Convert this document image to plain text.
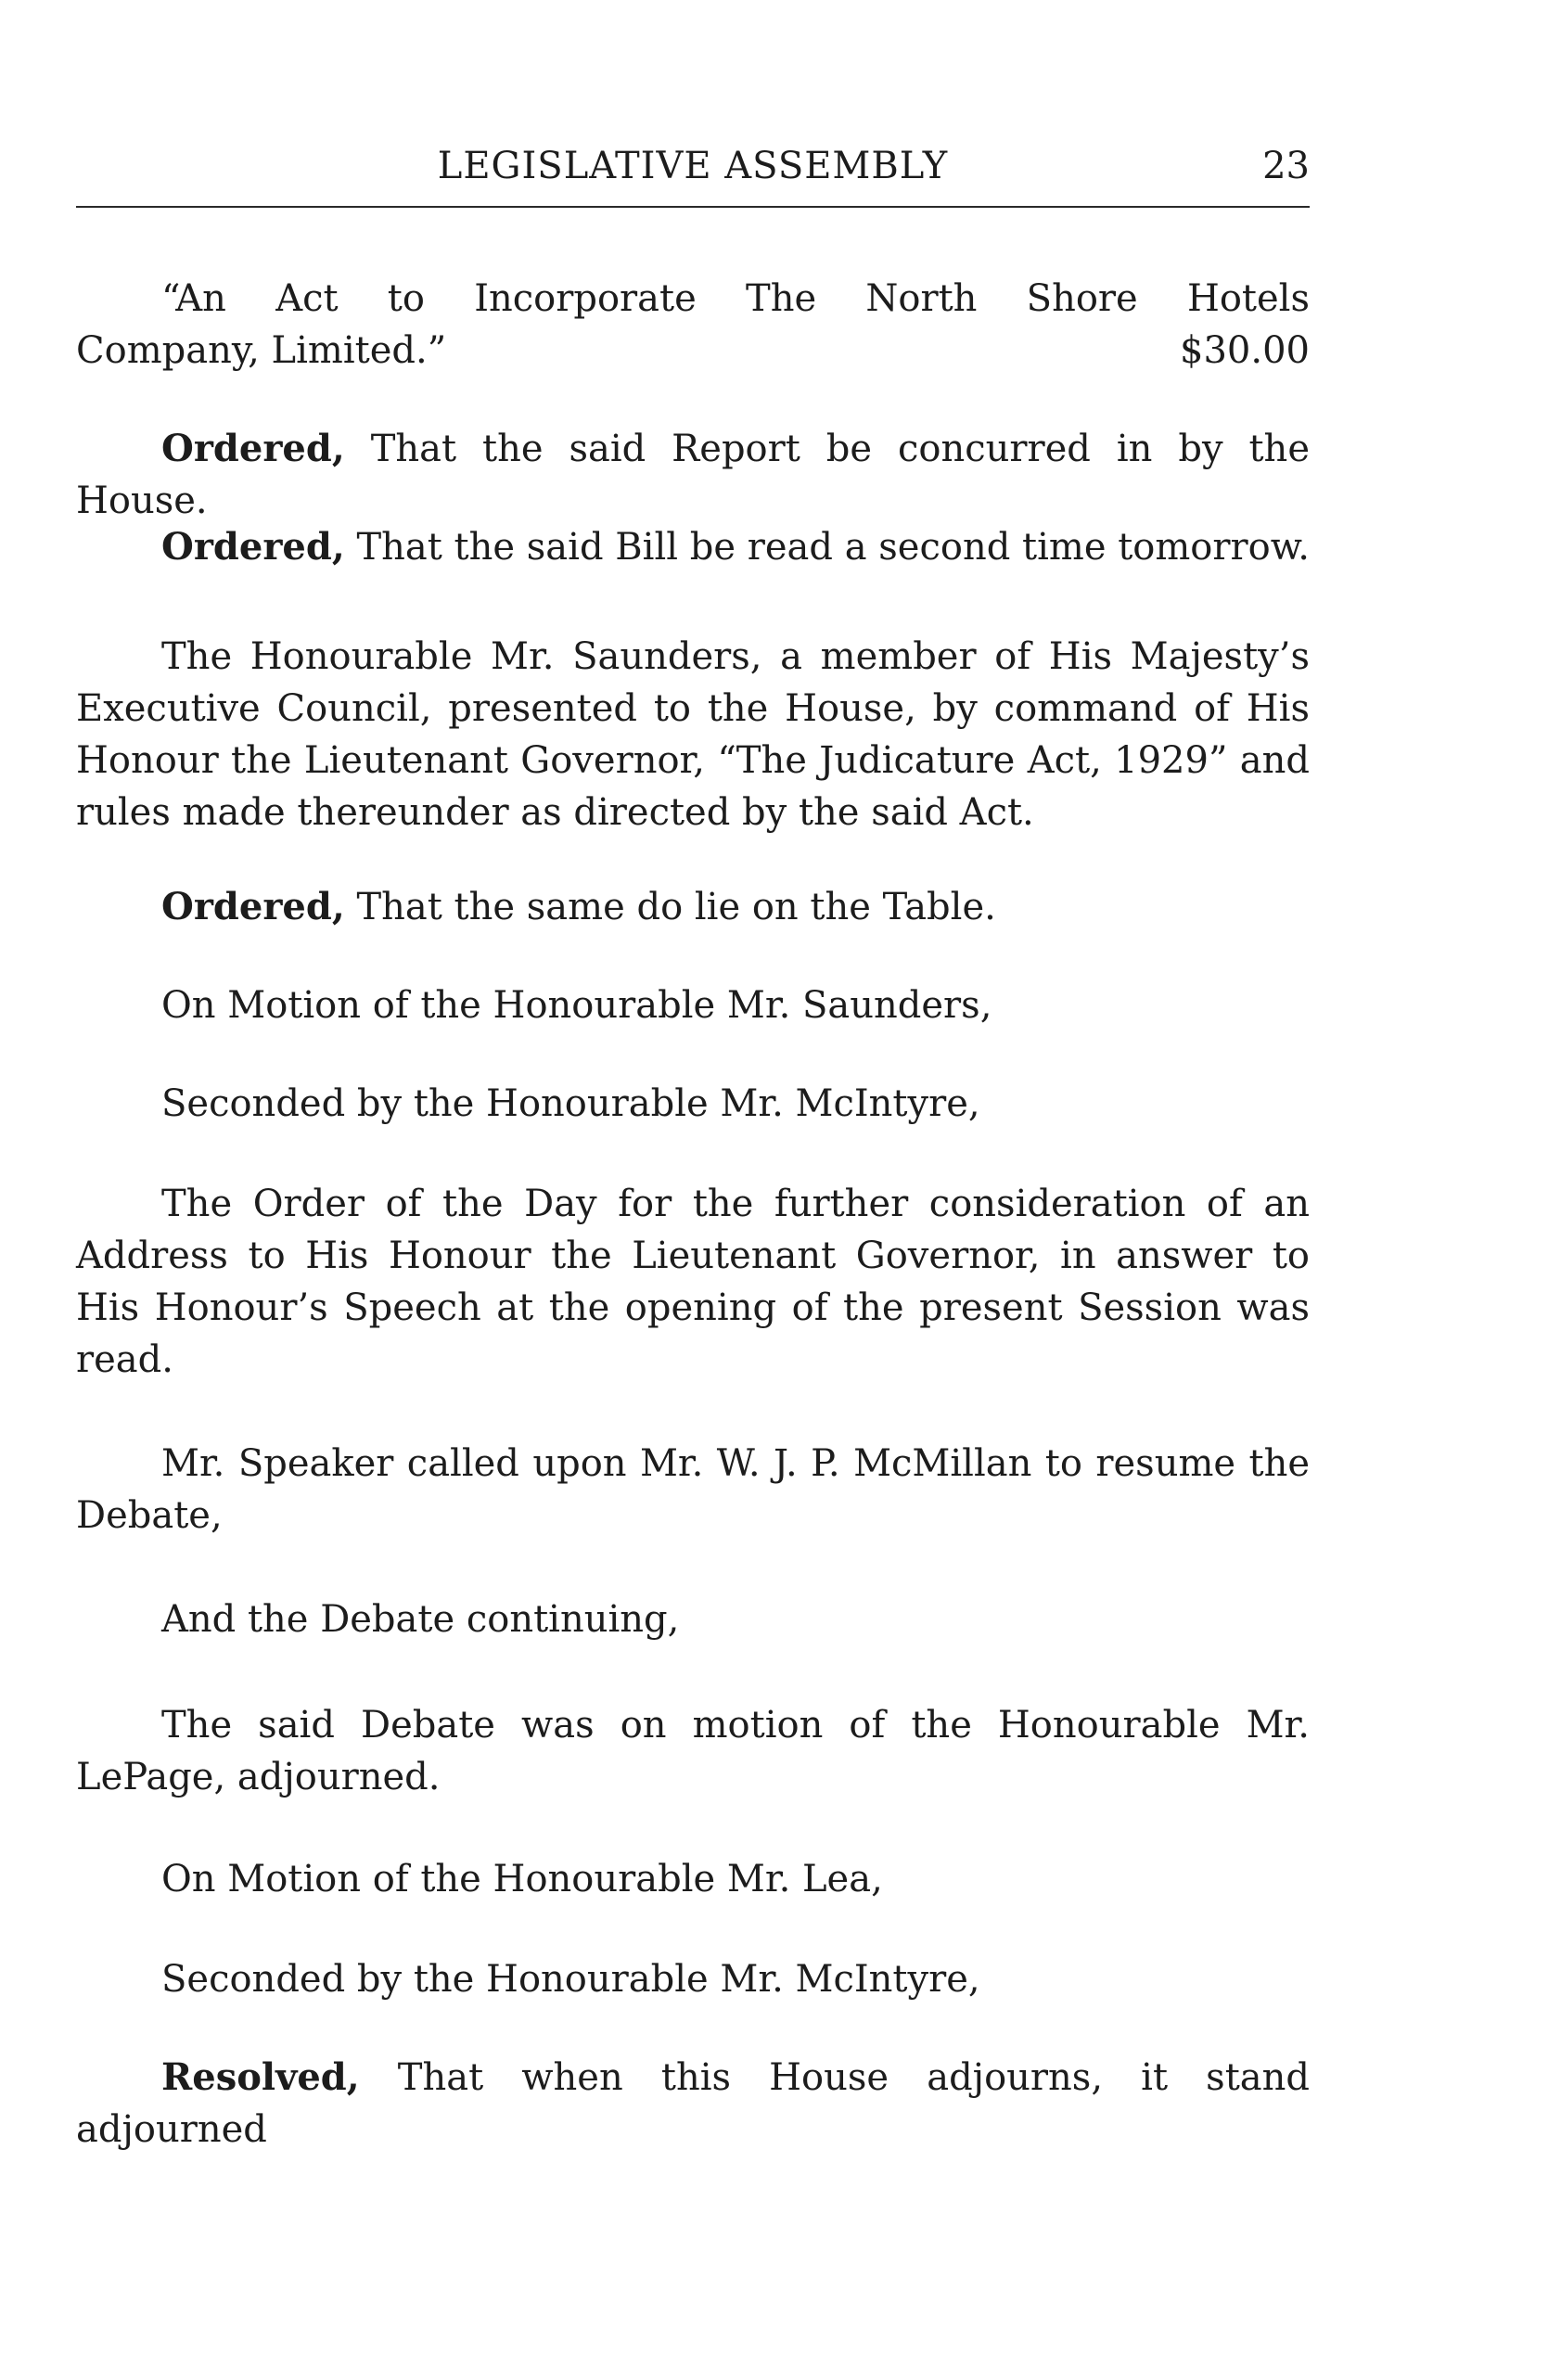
LEGISLATIVE ASSEMBLY	23

“An Act to Incorporate The North Shore Hotels

Company, Limited.”	$30.00

Ordered, That the said Report be concurred in by the House.

Ordered, That the said Bill be read a second time tomorrow.

The Honourable Mr. Saunders, a member of His Majesty’s Executive Council, presented to the House, by command of His Honour the Lieutenant Governor, “The Judicature Act, 1929” and rules made thereunder as directed by the said Act.

Ordered, That the same do lie on the Table.

On Motion of the Honourable Mr. Saunders,

Seconded by the Honourable Mr. McIntyre,

The Order of the Day for the further consideration of an Address to His Honour the Lieutenant Governor, in answer to His Honour’s Speech at the opening of the present Session was read.

Mr. Speaker called upon Mr. W. J. P. McMillan to resume the Debate,

And the Debate continuing,

The said Debate was on motion of the Honourable Mr. LePage, adjourned.

On Motion of the Honourable Mr. Lea,

Seconded by the Honourable Mr. McIntyre,

Resolved, That when this House adjourns, it stand adjourned
